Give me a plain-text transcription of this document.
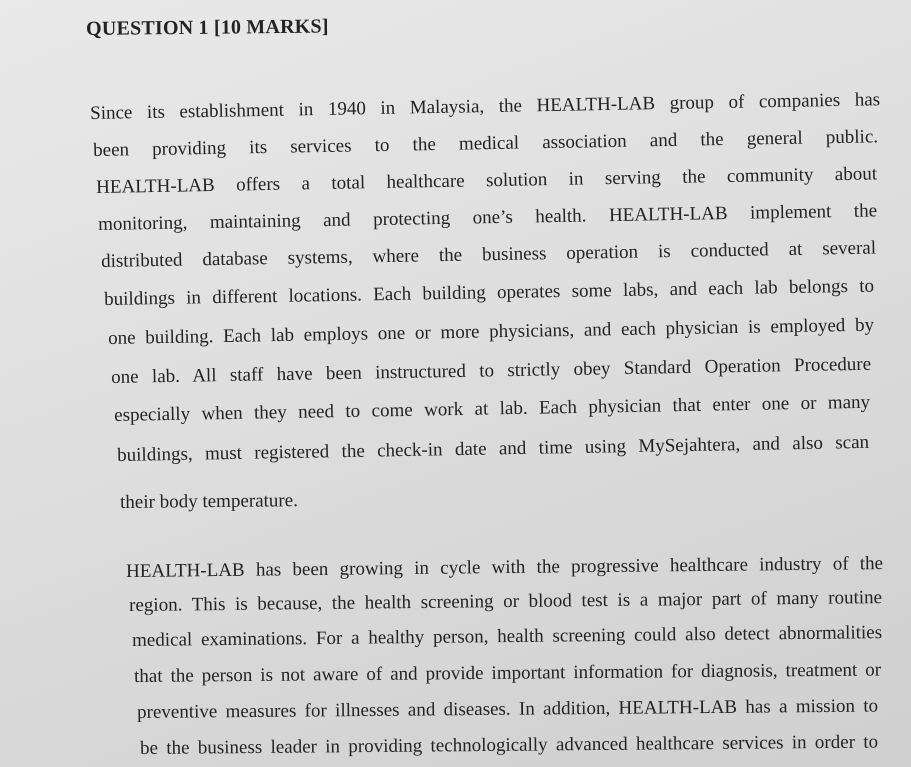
QUESTION 1 [10 MARKS]
Since its establishment in 1940 in Malaysia, the HEALTH-LAB group of companies has
been providing its services to the medical association and the general public.
HEALTH-LAB offers a total healthcare solution in serving the community about
monitoring, maintaining and protecting one’s health. HEALTH-LAB implement the
distributed database systems, where the business operation is conducted at several
buildings in different locations. Each building operates some labs, and each lab belongs to
one building. Each lab employs one or more physicians, and each physician is employed by
one lab. All staff have been instructured to strictly obey Standard Operation Procedure
especially when they need to come work at lab. Each physician that enter one or many
buildings, must registered the check-in date and time using MySejahtera, and also scan
their body temperature.
HEALTH-LAB has been growing in cycle with the progressive healthcare industry of the
region. This is because, the health screening or blood test is a major part of many routine
medical examinations. For a healthy person, health screening could also detect abnormalities
that the person is not aware of and provide important information for diagnosis, treatment or
preventive measures for illnesses and diseases. In addition, HEALTH-LAB has a mission to
be the business leader in providing technologically advanced healthcare services in order to
